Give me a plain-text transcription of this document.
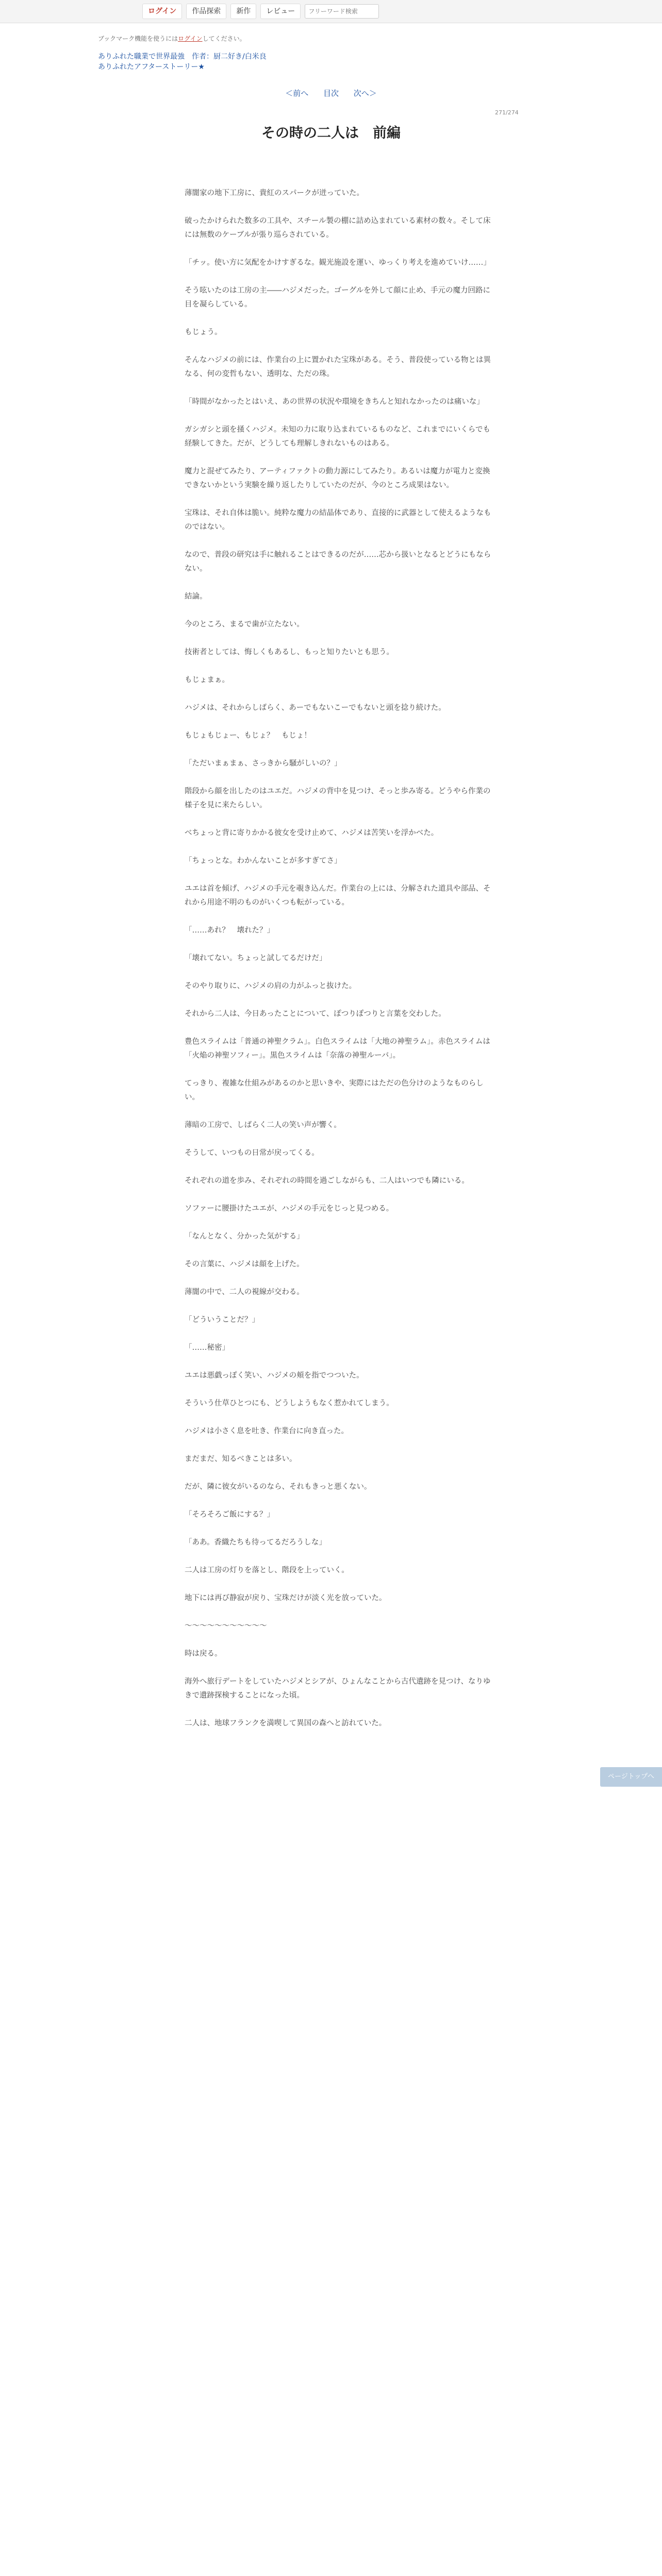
ログイン	作品探索	新作	レビュー
フリーワード検索
ブックマーク機能を使うにはログインしてください。
ありふれた職業で世界最強　作者：厨二好き/白米良
ありふれたアフターストーリー★
＜前へ 目次 次へ＞
271/274
その時の二人は　前編

薄闇家の地下工房に、貴紅のスパークが迸っていた。

破ったかけられた数多の工具や、スチール製の棚に詰め込まれている素材の数々。そして床には無数のケーブルが張り巡らされている。

「チッ。使い方に気配をかけすぎるな。観光施設を運い、ゆっくり考えを進めていけ……」

そう呟いたのは工房の主――ハジメだった。ゴーグルを外して顔に止め、手元の魔力回路に目を凝らしている。

もじょう。

そんなハジメの前には、作業台の上に置かれた宝珠がある。そう、普段使っている物とは異なる、何の変哲もない、透明な、ただの珠。

「時間がなかったとはいえ、あの世界の状況や環境をきちんと知れなかったのは痛いな」

ガシガシと頭を掻くハジメ。未知の力に取り込まれているものなど、これまでにいくらでも経験してきた。だが、どうしても理解しきれないものはある。

魔力と混ぜてみたり、アーティファクトの動力源にしてみたり。あるいは魔力が電力と変換できないかという実験を繰り返したりしていたのだが、今のところ成果はない。

宝珠は、それ自体は脆い。純粋な魔力の結晶体であり、直接的に武器として使えるようなものではない。

なので、普段の研究は手に触れることはできるのだが……芯から扱いとなるとどうにもならない。

結論。

今のところ、まるで歯が立たない。

技術者としては、悔しくもあるし、もっと知りたいとも思う。

もじょまぁ。

ハジメは、それからしばらく、あーでもないこーでもないと頭を捻り続けた。

もじょもじょー、もじょ？　もじょ！

「ただいまぁまぁ、さっきから騒がしいの？」

階段から顔を出したのはユエだ。ハジメの背中を見つけ、そっと歩み寄る。どうやら作業の様子を見に来たらしい。

べちょっと背に寄りかかる彼女を受け止めて、ハジメは苦笑いを浮かべた。

「ちょっとな。わかんないことが多すぎてさ」

ユエは首を傾げ、ハジメの手元を覗き込んだ。作業台の上には、分解された道具や部品、それから用途不明のものがいくつも転がっている。

「……あれ？　壊れた？」

「壊れてない。ちょっと試してるだけだ」

そのやり取りに、ハジメの肩の力がふっと抜けた。

それから二人は、今日あったことについて、ぽつりぽつりと言葉を交わした。

豊色スライムは「普通の神聖クラム」。白色スライムは「大地の神聖ラム」。赤色スライムは「火焔の神聖ソフィー」。黒色スライムは「奈落の神聖ルーバ」。

てっきり、複雑な仕組みがあるのかと思いきや、実際にはただの色分けのようなものらしい。

薄暗の工房で、しばらく二人の笑い声が響く。

そうして、いつもの日常が戻ってくる。

それぞれの道を歩み、それぞれの時間を過ごしながらも、二人はいつでも隣にいる。

ソファーに腰掛けたユエが、ハジメの手元をじっと見つめる。

「なんとなく、分かった気がする」

その言葉に、ハジメは顔を上げた。

薄闇の中で、二人の視線が交わる。

「どういうことだ？」

「……秘密」

ユエは悪戯っぽく笑い、ハジメの頬を指でつついた。

そういう仕草ひとつにも、どうしようもなく惹かれてしまう。

ハジメは小さく息を吐き、作業台に向き直った。

まだまだ、知るべきことは多い。

だが、隣に彼女がいるのなら、それもきっと悪くない。

「そろそろご飯にする？」

「ああ。香織たちも待ってるだろうしな」

二人は工房の灯りを落とし、階段を上っていく。

地下には再び静寂が戻り、宝珠だけが淡く光を放っていた。

～～～～～～～～～～～

時は戻る。

海外へ旅行デートをしていたハジメとシアが、ひょんなことから古代遺跡を見つけ、なりゆきで遺跡探検することになった頃。

二人は、地球フランクを満喫して異国の森へと訪れていた。

ページトップへ
